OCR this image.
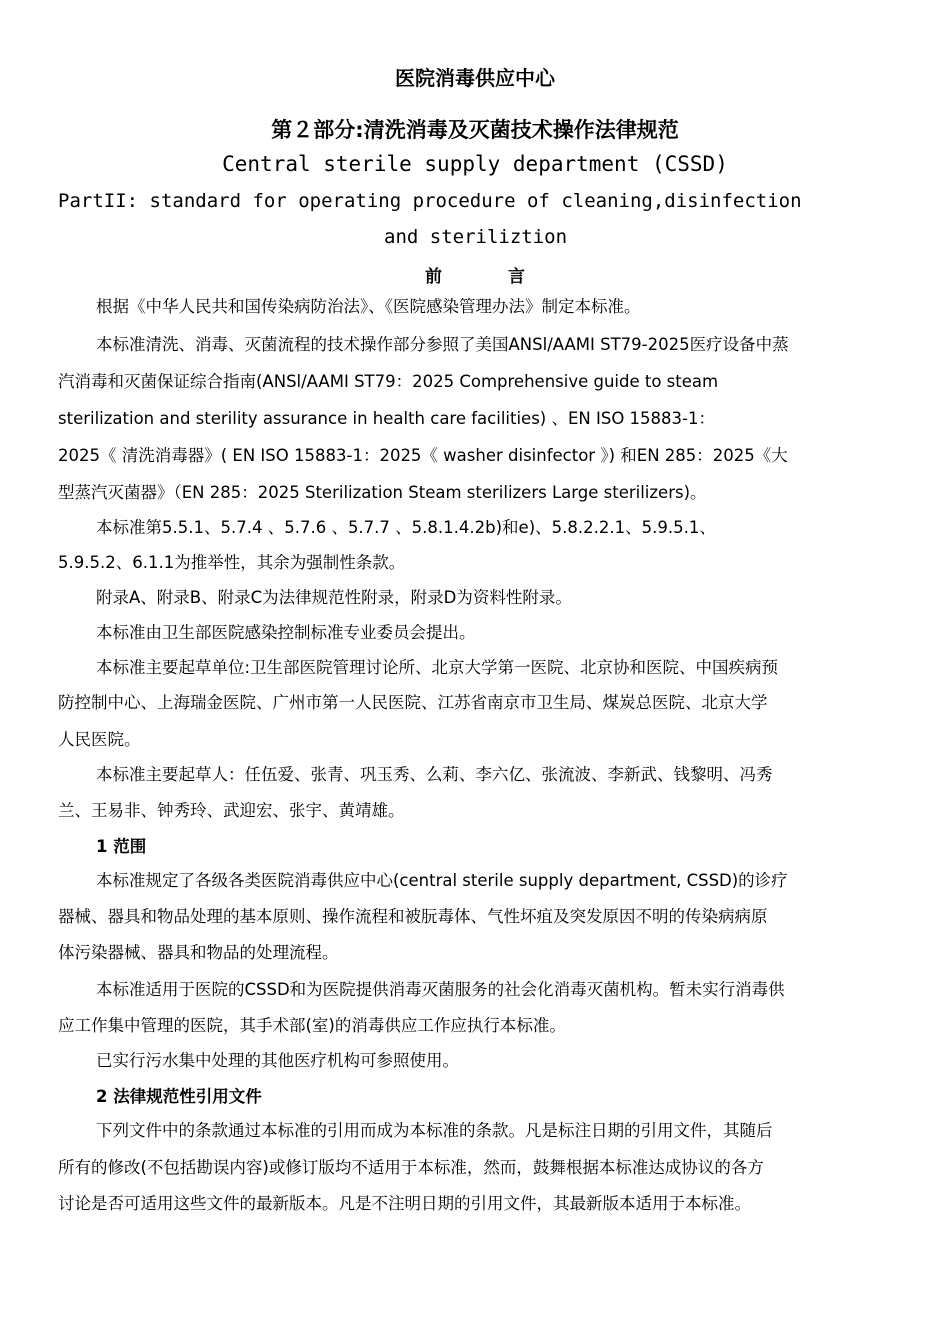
医院消毒供应中心
第２部分:清洗消毒及灭菌技术操作法律规范
Central sterile supply department (CSSD)
PartII: standard for operating procedure of cleaning,disinfection
and steriliztion
前 言
根据《中华人民共和国传染病防治法》、《医院感染管理办法》制定本标准。
本标准清洗、消毒、灭菌流程的技术操作部分参照了美国ANSl/AAMI ST79-2025医疗设备中蒸
汽消毒和灭菌保证综合指南(ANSl/AAMI ST79：2025 Comprehensive guide to steam
sterilization and sterility assurance in health care facilities) 、EN ISO 15883-1：
2025《 清洗消毒器》( EN ISO 15883-1：2025《 washer disinfector 》) 和EN 285：2025《大
型蒸汽灭菌器》（EN 285：2025 Sterilization Steam sterilizers Large sterilizers)。
本标准第5.5.1、5.7.4 、5.7.6 、5.7.7 、5.8.1.4.2b)和e)、5.8.2.2.1、5.9.5.1、
5.9.5.2、6.1.1为推举性，其余为强制性条款。
附录A、附录B、附录C为法律规范性附录，附录D为资料性附录。
本标准由卫生部医院感染控制标准专业委员会提出。
本标准主要起草单位:卫生部医院管理讨论所、北京大学第一医院、北京协和医院、中国疾病预
防控制中心、上海瑞金医院、广州市第一人民医院、江苏省南京市卫生局、煤炭总医院、北京大学
人民医院。
本标准主要起草人：任伍爱、张青、巩玉秀、么莉、李六亿、张流波、李新武、钱黎明、冯秀
兰、王易非、钟秀玲、武迎宏、张宇、黄靖雄。
1 范围
本标准规定了各级各类医院消毒供应中心(central sterile supply department, CSSD)的诊疗
器械、器具和物品处理的基本原则、操作流程和被朊毒体、气性坏疽及突发原因不明的传染病病原
体污染器械、器具和物品的处理流程。
本标准适用于医院的CSSD和为医院提供消毒灭菌服务的社会化消毒灭菌机构。暂未实行消毒供
应工作集中管理的医院，其手术部(室)的消毒供应工作应执行本标准。
已实行污水集中处理的其他医疗机构可参照使用。
2 法律规范性引用文件
下列文件中的条款通过本标准的引用而成为本标准的条款。凡是标注日期的引用文件，其随后
所有的修改(不包括勘误内容)或修订版均不适用于本标准，然而，鼓舞根据本标准达成协议的各方
讨论是否可适用这些文件的最新版本。凡是不注明日期的引用文件，其最新版本适用于本标准。
